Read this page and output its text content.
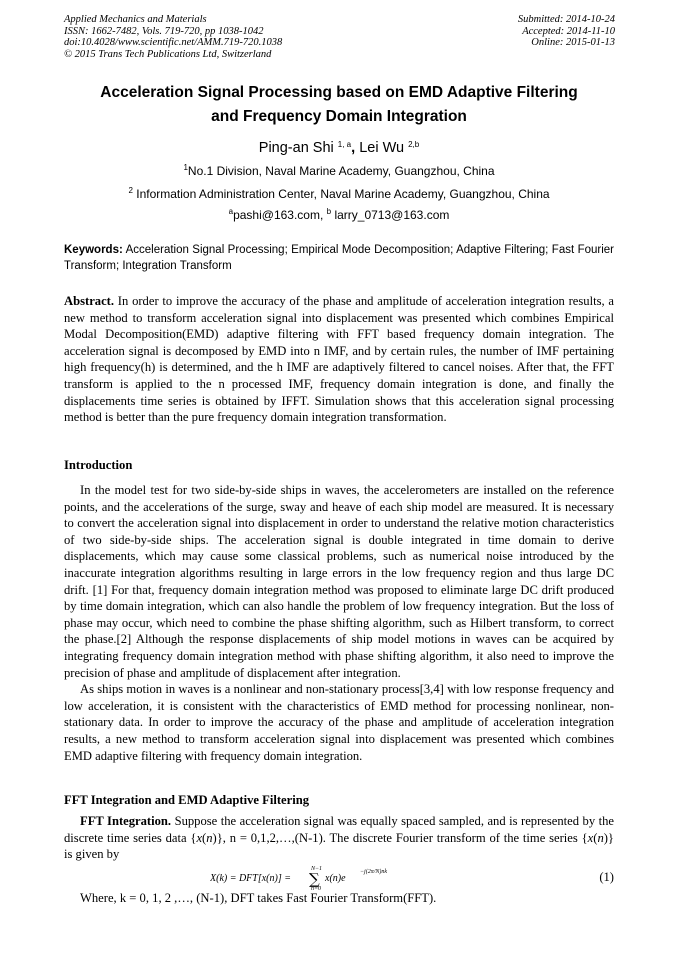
Applied Mechanics and Materials
ISSN: 1662-7482, Vols. 719-720, pp 1038-1042
doi:10.4028/www.scientific.net/AMM.719-720.1038
© 2015 Trans Tech Publications Ltd, Switzerland
Submitted: 2014-10-24
Accepted: 2014-11-10
Online: 2015-01-13
Acceleration Signal Processing based on EMD Adaptive Filtering
and Frequency Domain Integration
Ping-an Shi $^{1, a}$, Lei Wu $^{2,b}$
$^1$No.1 Division, Naval Marine Academy, Guangzhou, China
$^2$ Information Administration Center, Naval Marine Academy, Guangzhou, China
$^a$pashi@163.com, $^b$ larry_0713@163.com
Keywords: Acceleration Signal Processing; Empirical Mode Decomposition; Adaptive Filtering; Fast Fourier Transform; Integration Transform
Abstract. In order to improve the accuracy of the phase and amplitude of acceleration integration results, a new method to transform acceleration signal into displacement was presented which combines Empirical Modal Decomposition(EMD) adaptive filtering with FFT based frequency domain integration. The acceleration signal is decomposed by EMD into n IMF, and by certain rules, the number of IMF pertaining high frequency(h) is determined, and the h IMF are adaptively filtered to cancel noises. After that, the FFT transform is applied to the n processed IMF, frequency domain integration is done, and finally the displacements time series is obtained by IFFT. Simulation shows that this acceleration signal processing method is better than the pure frequency domain integration transformation.
Introduction

In the model test for two side-by-side ships in waves, the accelerometers are installed on the reference points, and the accelerations of the surge, sway and heave of each ship model are measured. It is necessary to convert the acceleration signal into displacement in order to understand the relative motion characteristics of two side-by-side ships. The acceleration signal is double integrated in time domain to derive displacements, which may cause some classical problems, such as numerical noise introduced by the inaccurate integration algorithms resulting in large errors in the low frequency region and thus large DC drift. [1] For that, frequency domain integration method was proposed to eliminate large DC drift produced by time domain integration, which can also handle the problem of low frequency integration. But the loss of phase may occur, which need to combine the phase shifting algorithm, such as Hilbert transform, to correct the phase.[2] Although the response displacements of ship model motions in waves can be acquired by integrating frequency domain integration method with phase shifting algorithm, it also need to improve the precision of phase and amplitude of displacement after integration.

As ships motion in waves is a nonlinear and non-stationary process[3,4] with low response frequency and low acceleration, it is consistent with the characteristics of EMD method for processing nonlinear, non-stationary data. In order to improve the accuracy of the phase and amplitude of acceleration integration results, a new method to transform acceleration signal into displacement was presented which combines EMD adaptive filtering with frequency domain integration.

FFT Integration and EMD Adaptive Filtering

FFT Integration. Suppose the acceleration signal was equally spaced sampled, and is represented by the discrete time series data {x(n)}, n = 0,1,2,…,(N-1). The discrete Fourier transform of the time series {x(n)} is given by

X(k) = DFT[x(n)] =
N−1
∑
n=0
x(n)e
−j(2π/N)nk	(1)
Where, k = 0, 1, 2 ,…, (N-1), DFT takes Fast Fourier Transform(FFT).
